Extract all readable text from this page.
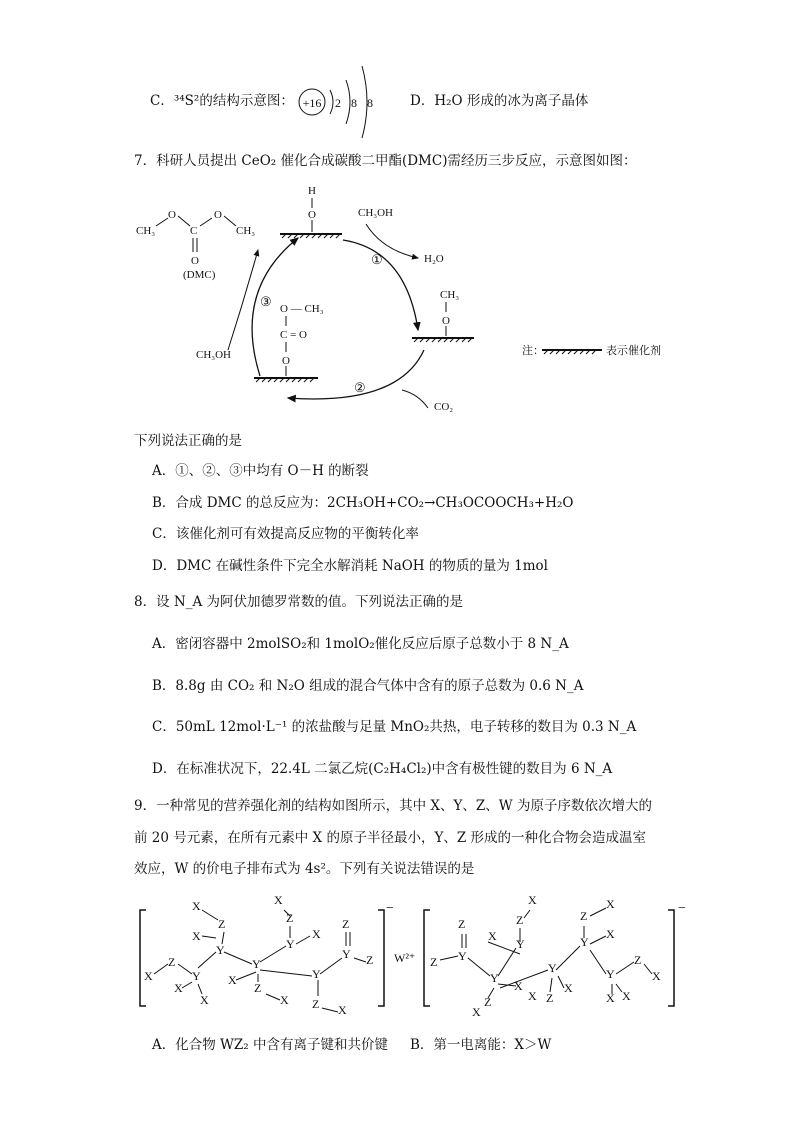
C．³⁴S²的结构示意图： +16 2 8 8	D．H₂O 形成的冰为离子晶体
7．科研人员提出 CeO₂ 催化合成碳酸二甲酯(DMC)需经历三步反应，示意图如图：
CH₃
O
C
O
CH₃
O
(DMC)
H
O	CH₃OH
H₂O
①
CH₃
O
CO₂
②
O — CH₃
C = O
O
CH₃OH
③
注：	表示催化剂
下列说法正确的是
A．①、②、③中均有 O－H 的断裂
B．合成 DMC 的总反应为：2CH₃OH+CO₂→CH₃OCOOCH₃+H₂O
C．该催化剂可有效提高反应物的平衡转化率
D．DMC 在碱性条件下完全水解消耗 NaOH 的物质的量为 1mol
8．设 N_A 为阿伏加德罗常数的值。下列说法正确的是
A．密闭容器中 2molSO₂和 1molO₂催化反应后原子总数小于 8 N_A
B．8.8g 由 CO₂ 和 N₂O 组成的混合气体中含有的原子总数为 0.6 N_A
C．50mL 12mol·L⁻¹ 的浓盐酸与足量 MnO₂共热，电子转移的数目为 0.3 N_A
D．在标准状况下，22.4L 二氯乙烷(C₂H₄Cl₂)中含有极性键的数目为 6 N_A
9．一种常见的营养强化剂的结构如图所示，其中 X、Y、Z、W 为原子序数依次增大的
前 20 号元素，在所有元素中 X 的原子半径最小，Y、Z 形成的一种化合物会造成温室
效应，W 的价电子排布式为 4s²。下列有关说法错误的是
X
Z
Y
X
X
Y
X
Z
X
Y
X
Z
X
Y
Z
X
X
Y
Z X
Y
Z
Z
−
W²⁺ Z Y
Z
X
Y
Y
Z
X
Z
X
X
Y
X Z
X
Y
Z
X
X
Y
X X
Z
X
−
A．化合物 WZ₂ 中含有离子键和共价键 B．第一电离能：X＞W
